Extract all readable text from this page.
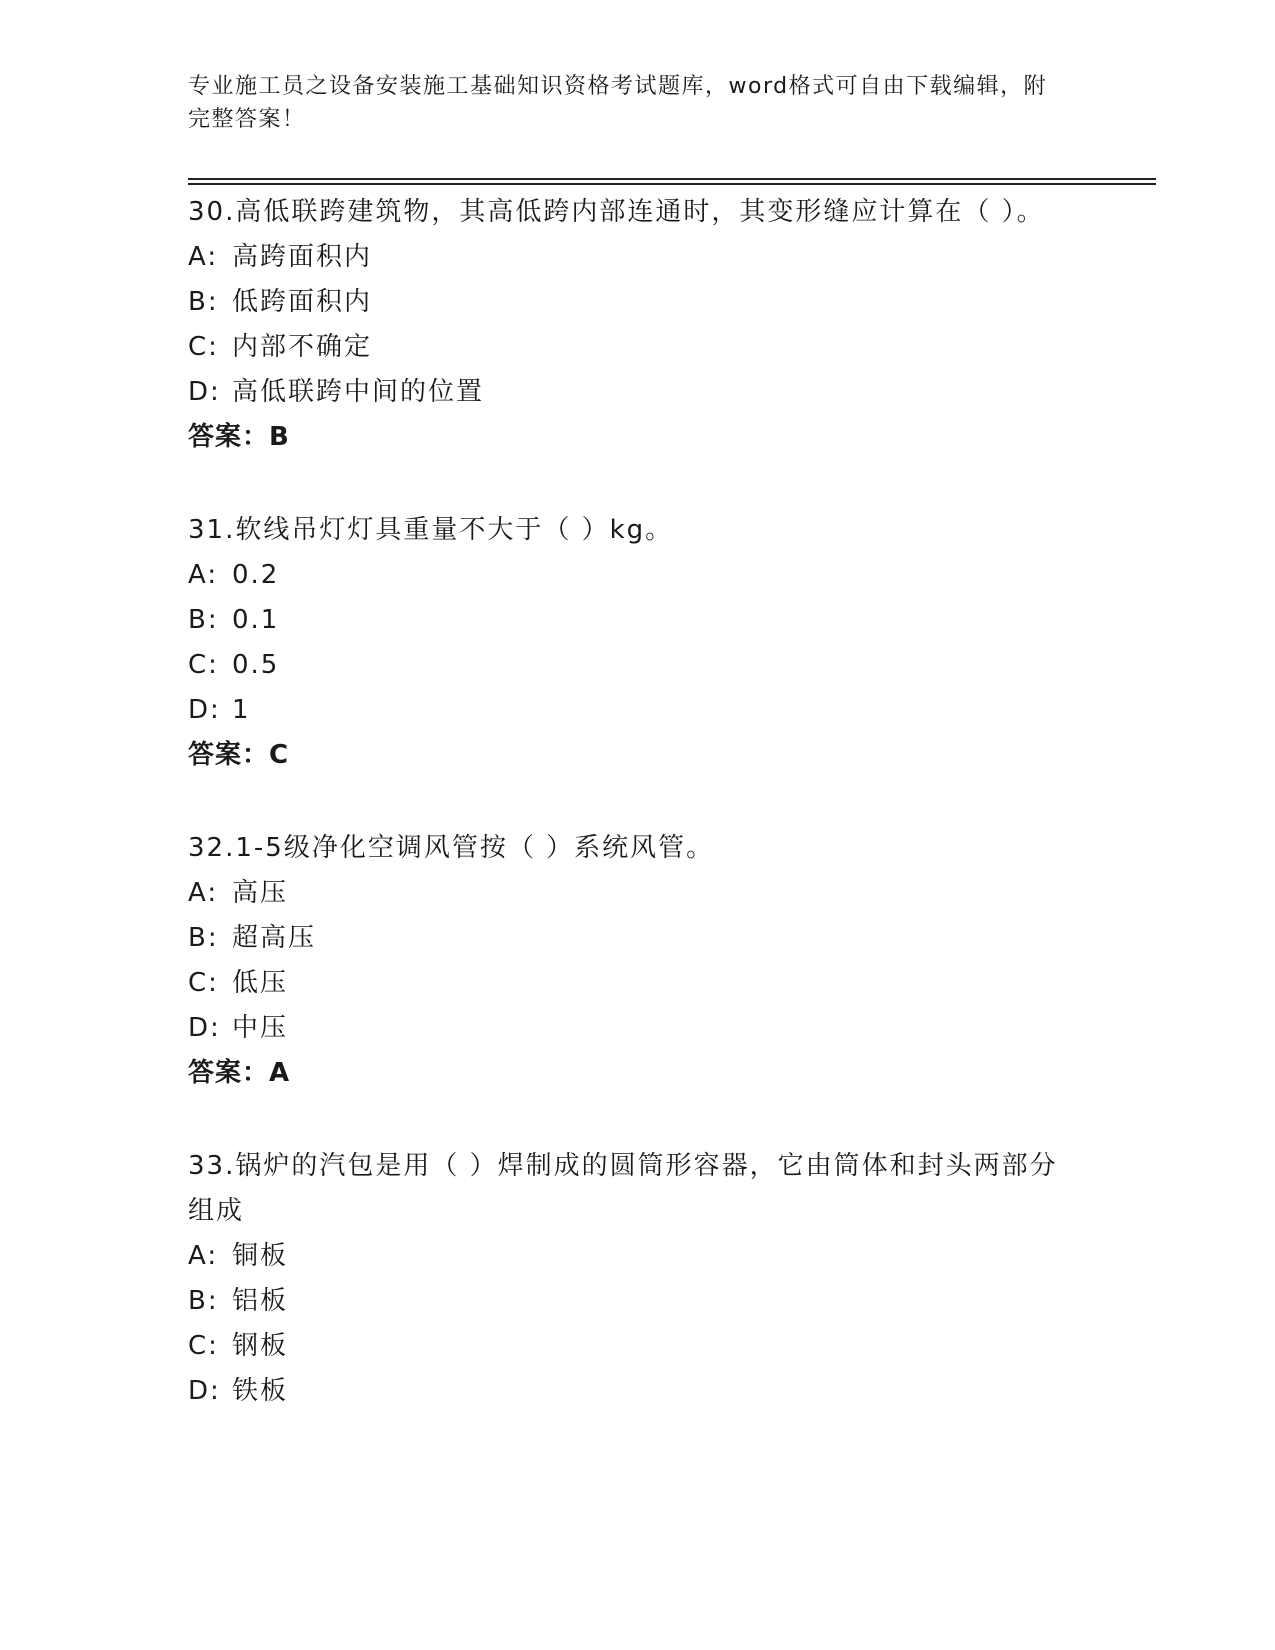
专业施工员之设备安装施工基础知识资格考试题库，word格式可自由下载编辑，附完整答案！

30.高低联跨建筑物，其高低跨内部连通时，其变形缝应计算在（ ）。

A: 高跨面积内
B: 低跨面积内
C: 内部不确定
D: 高低联跨中间的位置
答案：B

31.软线吊灯灯具重量不大于（ ）kg。

A: 0.2
B: 0.1
C: 0.5
D: 1
答案：C

32.1-5级净化空调风管按（ ）系统风管。

A: 高压
B: 超高压
C: 低压
D: 中压
答案：A

33.锅炉的汽包是用（ ）焊制成的圆筒形容器，它由筒体和封头两部分组成

A: 铜板
B: 铝板
C: 钢板
D: 铁板
